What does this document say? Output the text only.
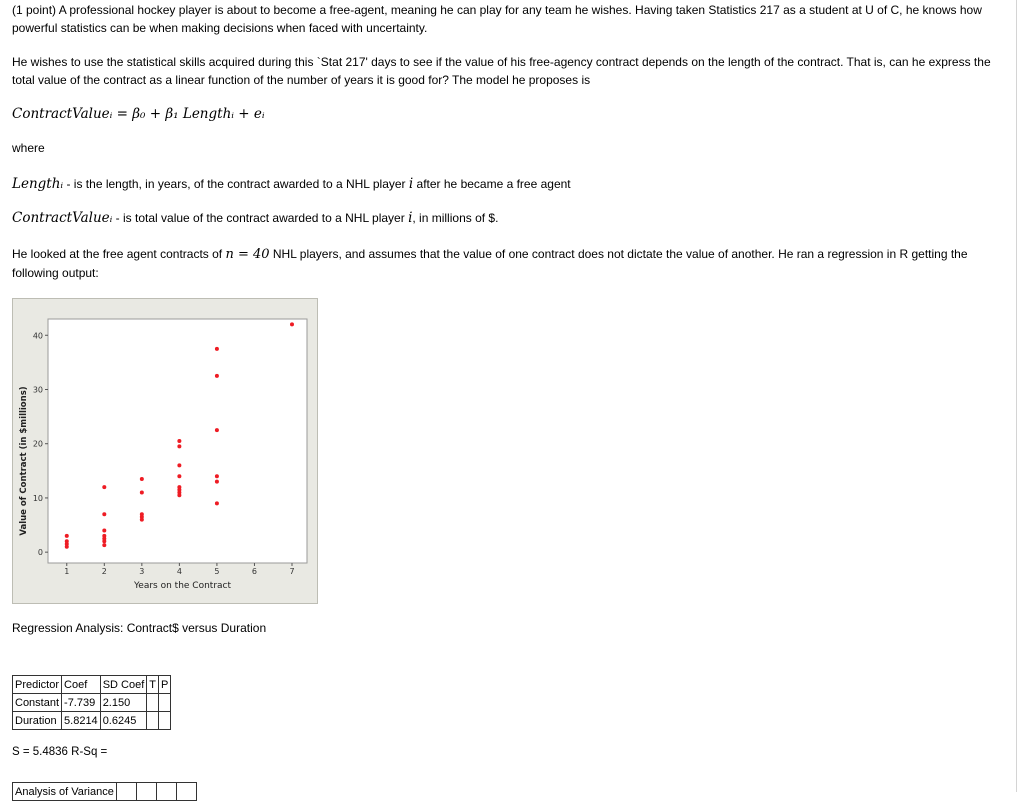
(1 point) A professional hockey player is about to become a free-agent, meaning he can play for any team he wishes. Having taken Statistics 217 as a student at U of C, he knows how powerful statistics can be when making decisions when faced with uncertainty.
He wishes to use the statistical skills acquired during this `Stat 217' days to see if the value of his free-agency contract depends on the length of the contract. That is, can he express the total value of the contract as a linear function of the number of years it is good for? The model he proposes is
ContractValueᵢ = β₀ + β₁ Lengthᵢ + eᵢ
where
Lengthᵢ - is the length, in years, of the contract awarded to a NHL player i after he became a free agent
ContractValueᵢ - is total value of the contract awarded to a NHL player i, in millions of $.
He looked at the free agent contracts of n = 40 NHL players, and assumes that the value of one contract does not dictate the value of another. He ran a regression in R getting the following output:
1	2	3	4	5	6	7
0
10
20
30
40
Years on the Contract
Value of Contract (in $millions)
Regression Analysis: Contract$ versus Duration
Predictor	Coef	SD Coef	T	P
Constant	-7.739	2.150		
Duration	5.8214	0.6245		
S = 5.4836 R-Sq =
Analysis of Variance				
